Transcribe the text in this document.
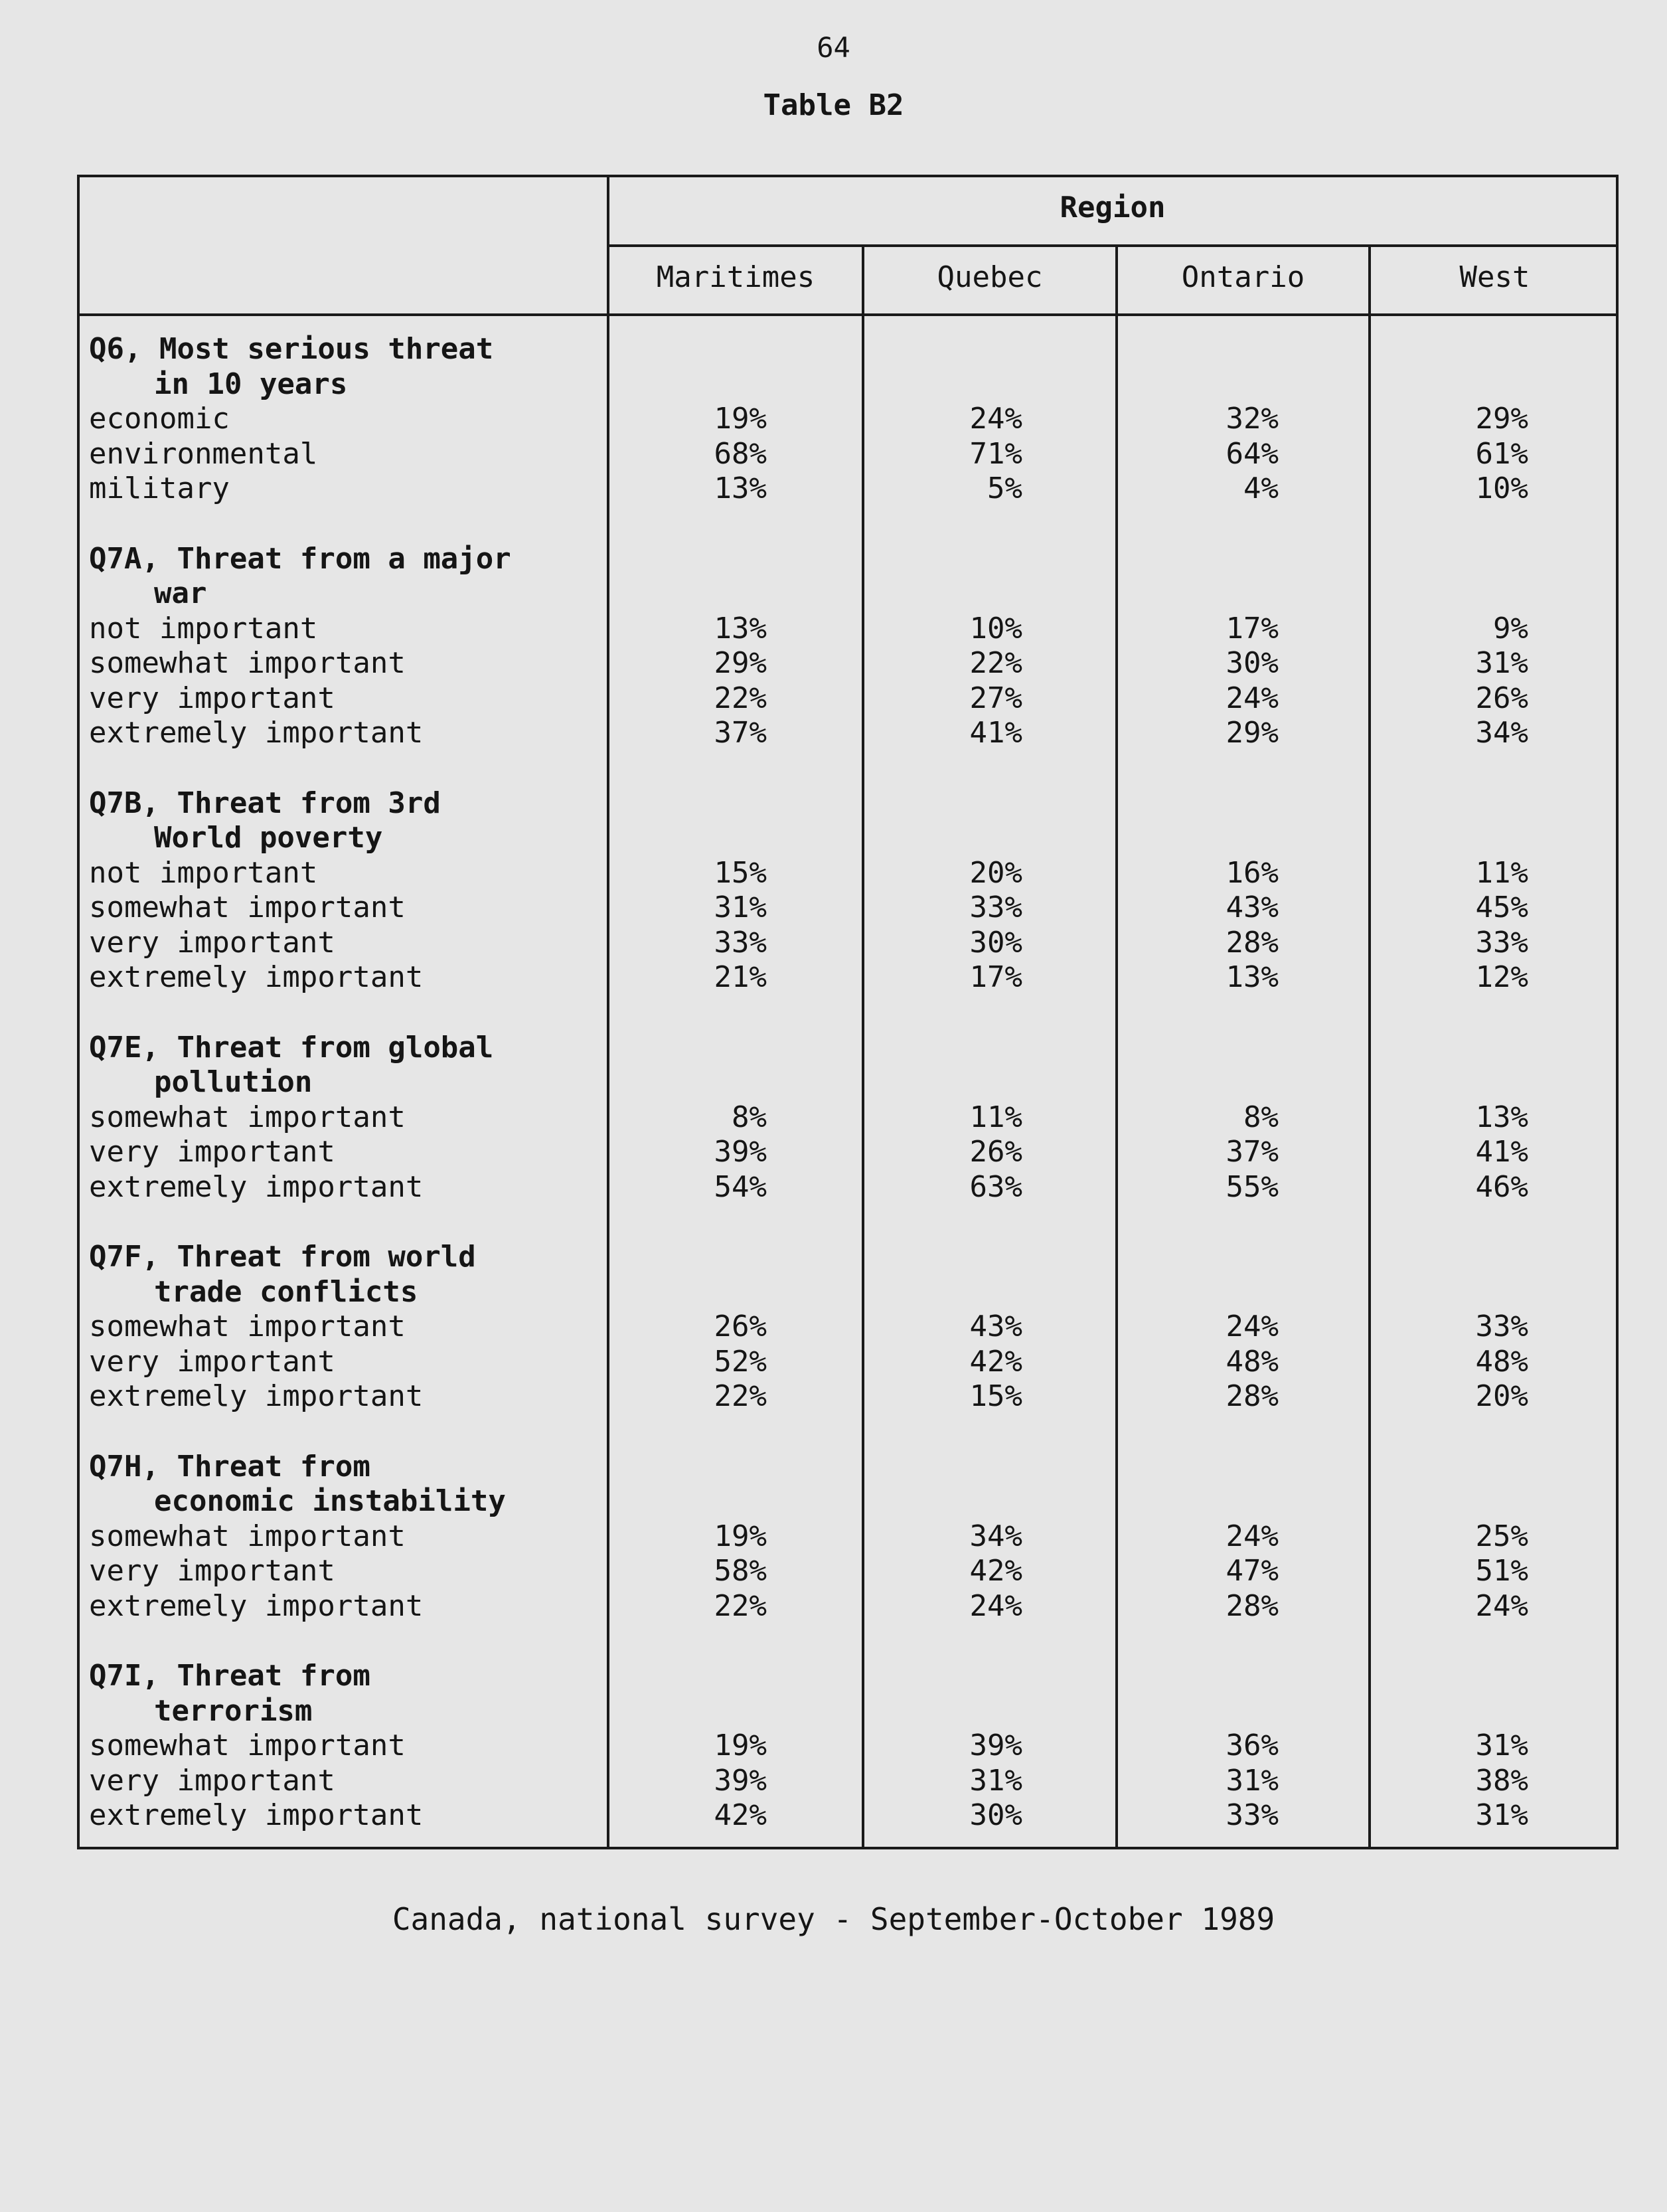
64
Table B2
Region
Maritimes	Quebec	Ontario	West
Q6, Most serious threat
in 10 years
economic	19%	24%	32%	29%
environmental	68%	71%	64%	61%
military	13%	5%	4%	10%
Q7A, Threat from a major
war
not important	13%	10%	17%	9%
somewhat important	29%	22%	30%	31%
very important	22%	27%	24%	26%
extremely important	37%	41%	29%	34%
Q7B, Threat from 3rd
World poverty
not important	15%	20%	16%	11%
somewhat important	31%	33%	43%	45%
very important	33%	30%	28%	33%
extremely important	21%	17%	13%	12%
Q7E, Threat from global
pollution
somewhat important	8%	11%	8%	13%
very important	39%	26%	37%	41%
extremely important	54%	63%	55%	46%
Q7F, Threat from world
trade conflicts
somewhat important	26%	43%	24%	33%
very important	52%	42%	48%	48%
extremely important	22%	15%	28%	20%
Q7H, Threat from
economic instability
somewhat important	19%	34%	24%	25%
very important	58%	42%	47%	51%
extremely important	22%	24%	28%	24%
Q7I, Threat from
terrorism
somewhat important	19%	39%	36%	31%
very important	39%	31%	31%	38%
extremely important	42%	30%	33%	31%
Canada, national survey - September-October 1989
